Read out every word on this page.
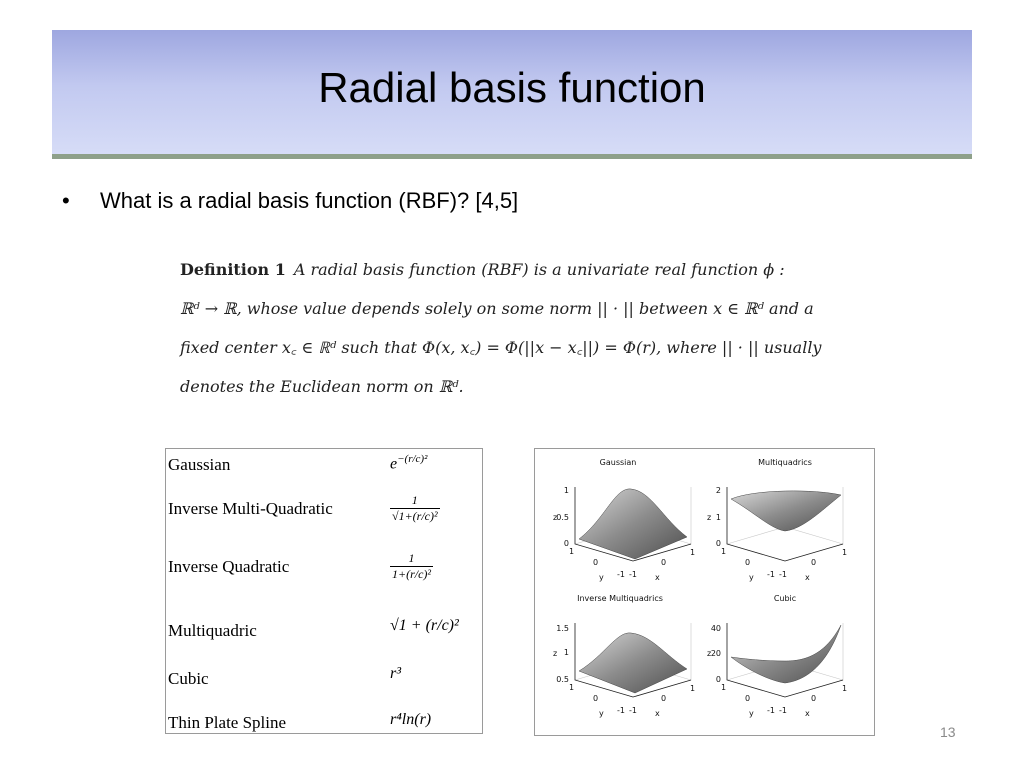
Radial basis function
• What is a radial basis function (RBF)? [4,5]
Definition 1 A radial basis function (RBF) is a univariate real function ϕ :
ℝᵈ → ℝ, whose value depends solely on some norm || · || between x ∈ ℝᵈ and a
fixed center x꜀ ∈ ℝᵈ such that Φ(x, x꜀) = Φ(||x − x꜀||) = Φ(r), where || · || usually
denotes the Euclidean norm on ℝᵈ.
Gaussian	$e^{-(r/c)^2}$
Inverse Multi-Quadratic	$\frac{1}{\text{√1+(r/c)²}}$
Inverse Quadratic	$\frac{1}{\text{1+(r/c)²}}$
Multiquadric	√1 + (r/c)²
Cubic	r³
Thin Plate Spline	r⁴ln(r)
Gaussian
1
0.5
0
z
1
0
-1 -1
0
1
y	x
Multiquadrics
2
1
0
z
1
0
-1 -1
0
1
y	x
Inverse Multiquadrics
1.5
1
0.5
z
1
0
-1 -1
0
1
y	x
Cubic
40
20
0
z
1
0
-1 -1
0
1
y	x
13
